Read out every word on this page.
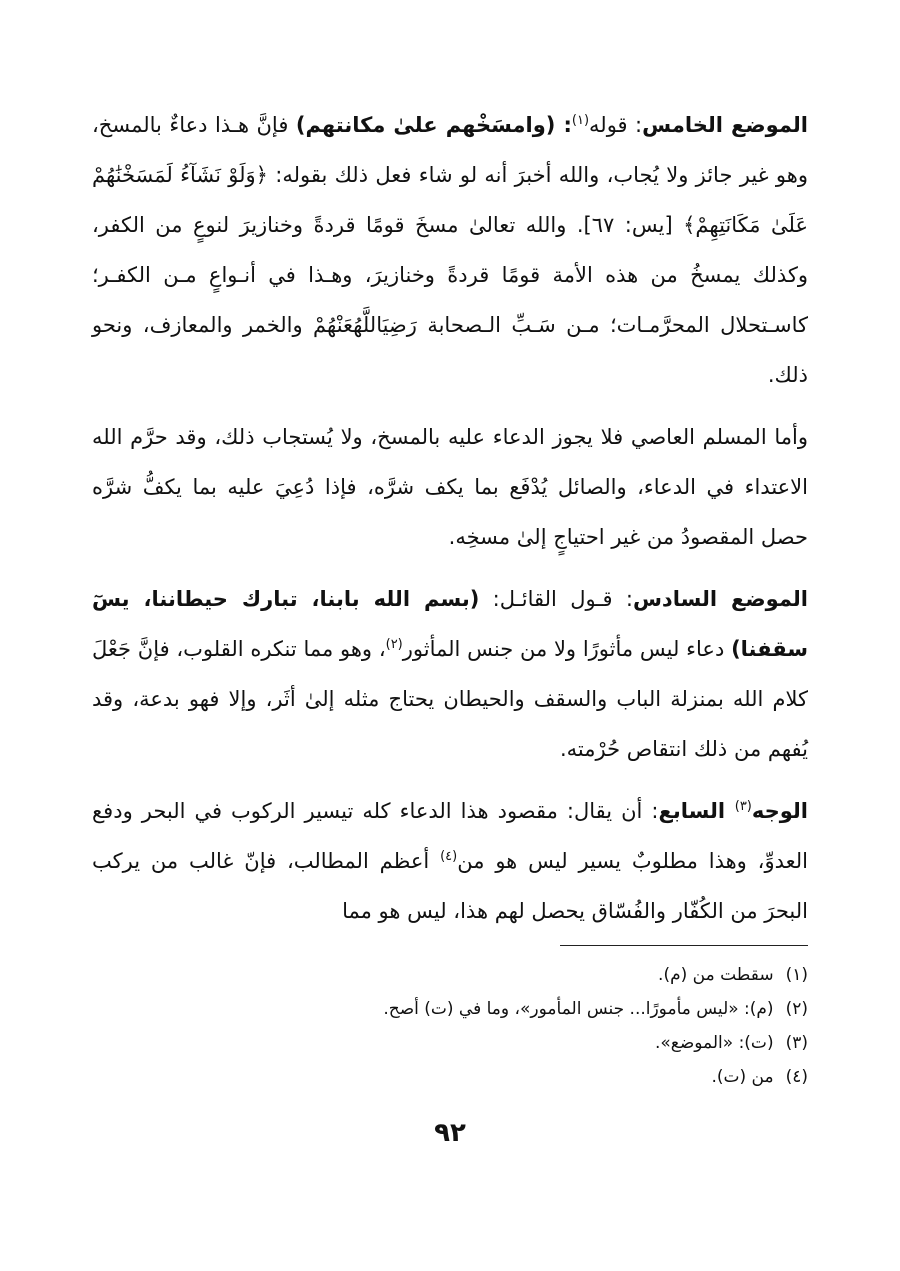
الموضع الخامس: قوله$^{(١)}$: (وامسَخْهم علىٰ مكانتهم) فإنَّ هـذا دعاءٌ بالمسخ، وهو غير جائز ولا يُجاب، والله أخبرَ أنه لو شاء فعل ذلك بقوله: ﴿وَلَوْ نَشَآءُ لَمَسَخْنَٰهُمْ عَلَىٰ مَكَانَتِهِمْ﴾ [يس: ٦٧]. والله تعالىٰ مسخَ قومًا قردةً وخنازيرَ لنوعٍ من الكفر، وكذلك يمسخُ من هذه الأمة قومًا قردةً وخنازيرَ، وهـذا في أنـواعٍ مـن الكفـر؛ كاسـتحلال المحرَّمـات؛ مـن سَـبِّ الـصحابة رَضِيَاللَّهُعَنْهُمْ والخمر والمعازف، ونحو ذلك.

وأما المسلم العاصي فلا يجوز الدعاء عليه بالمسخ، ولا يُستجاب ذلك، وقد حرَّم الله الاعتداء في الدعاء، والصائل يُدْفَع بما يكف شرَّه، فإذا دُعِيَ عليه بما يكفُّ شرَّه حصل المقصودُ من غير احتياجٍ إلىٰ مسخِه.

الموضع السادس: قـول القائـل: (بسم الله بابنا، تبارك حيطاننا، يسٓ سقفنا) دعاء ليس مأثورًا ولا من جنس المأثور$^{(٢)}$، وهو مما تنكره القلوب، فإنَّ جَعْلَ كلام الله بمنزلة الباب والسقف والحيطان يحتاج مثله إلىٰ أثَر، وإلا فهو بدعة، وقد يُفهم من ذلك انتقاص حُرْمته.

الوجه$^{(٣)}$ السابع: أن يقال: مقصود هذا الدعاء كله تيسير الركوب في البحر ودفع العدوِّ، وهذا مطلوبٌ يسير ليس هو من$^{(٤)}$ أعظم المطالب، فإنّ غالب من يركب البحرَ من الكُفّار والفُسّاق يحصل لهم هذا، ليس هو مما

(١)سقطت من (م).
(٢)(م): «ليس مأمورًا... جنس المأمور»، وما في (ت) أصح.
(٣)(ت): «الموضع».
(٤)من (ت).
٩٢
